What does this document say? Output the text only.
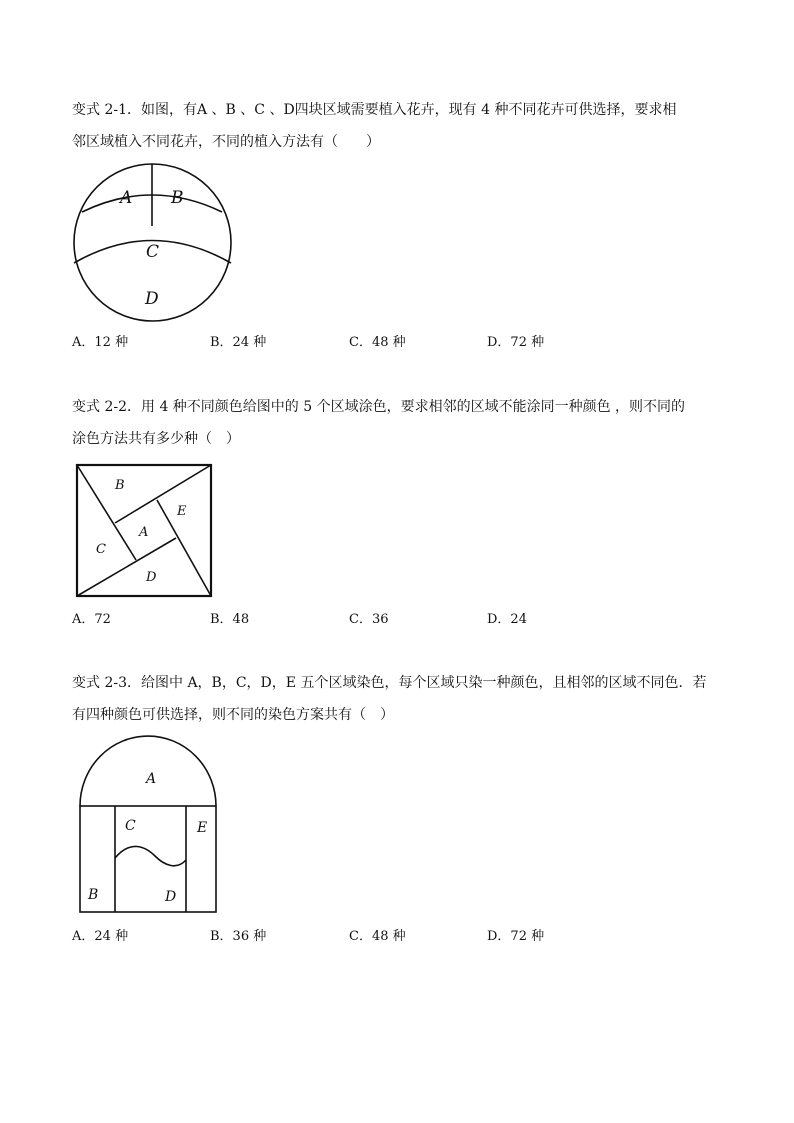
变式 2-1．如图，有A 、B 、C 、D四块区域需要植入花卉，现有 4 种不同花卉可供选择，要求相
邻区域植入不同花卉，不同的植入方法有（　　）
A B
C
D
A．12 种	B．24 种	C．48 种	D．72 种
变式 2-2．用 4 种不同颜色给图中的 5 个区域涂色，要求相邻的区域不能涂同一种颜色 ，则不同的
涂色方法共有多少种（　）
B
E
A
C
D
A．72	B．48	C．36	D．24
变式 2-3．给图中 A，B，C，D，E 五个区域染色，每个区域只染一种颜色，且相邻的区域不同色．若
有四种颜色可供选择，则不同的染色方案共有（　）
A
C	E
B	D
A．24 种	B．36 种	C．48 种	D．72 种
